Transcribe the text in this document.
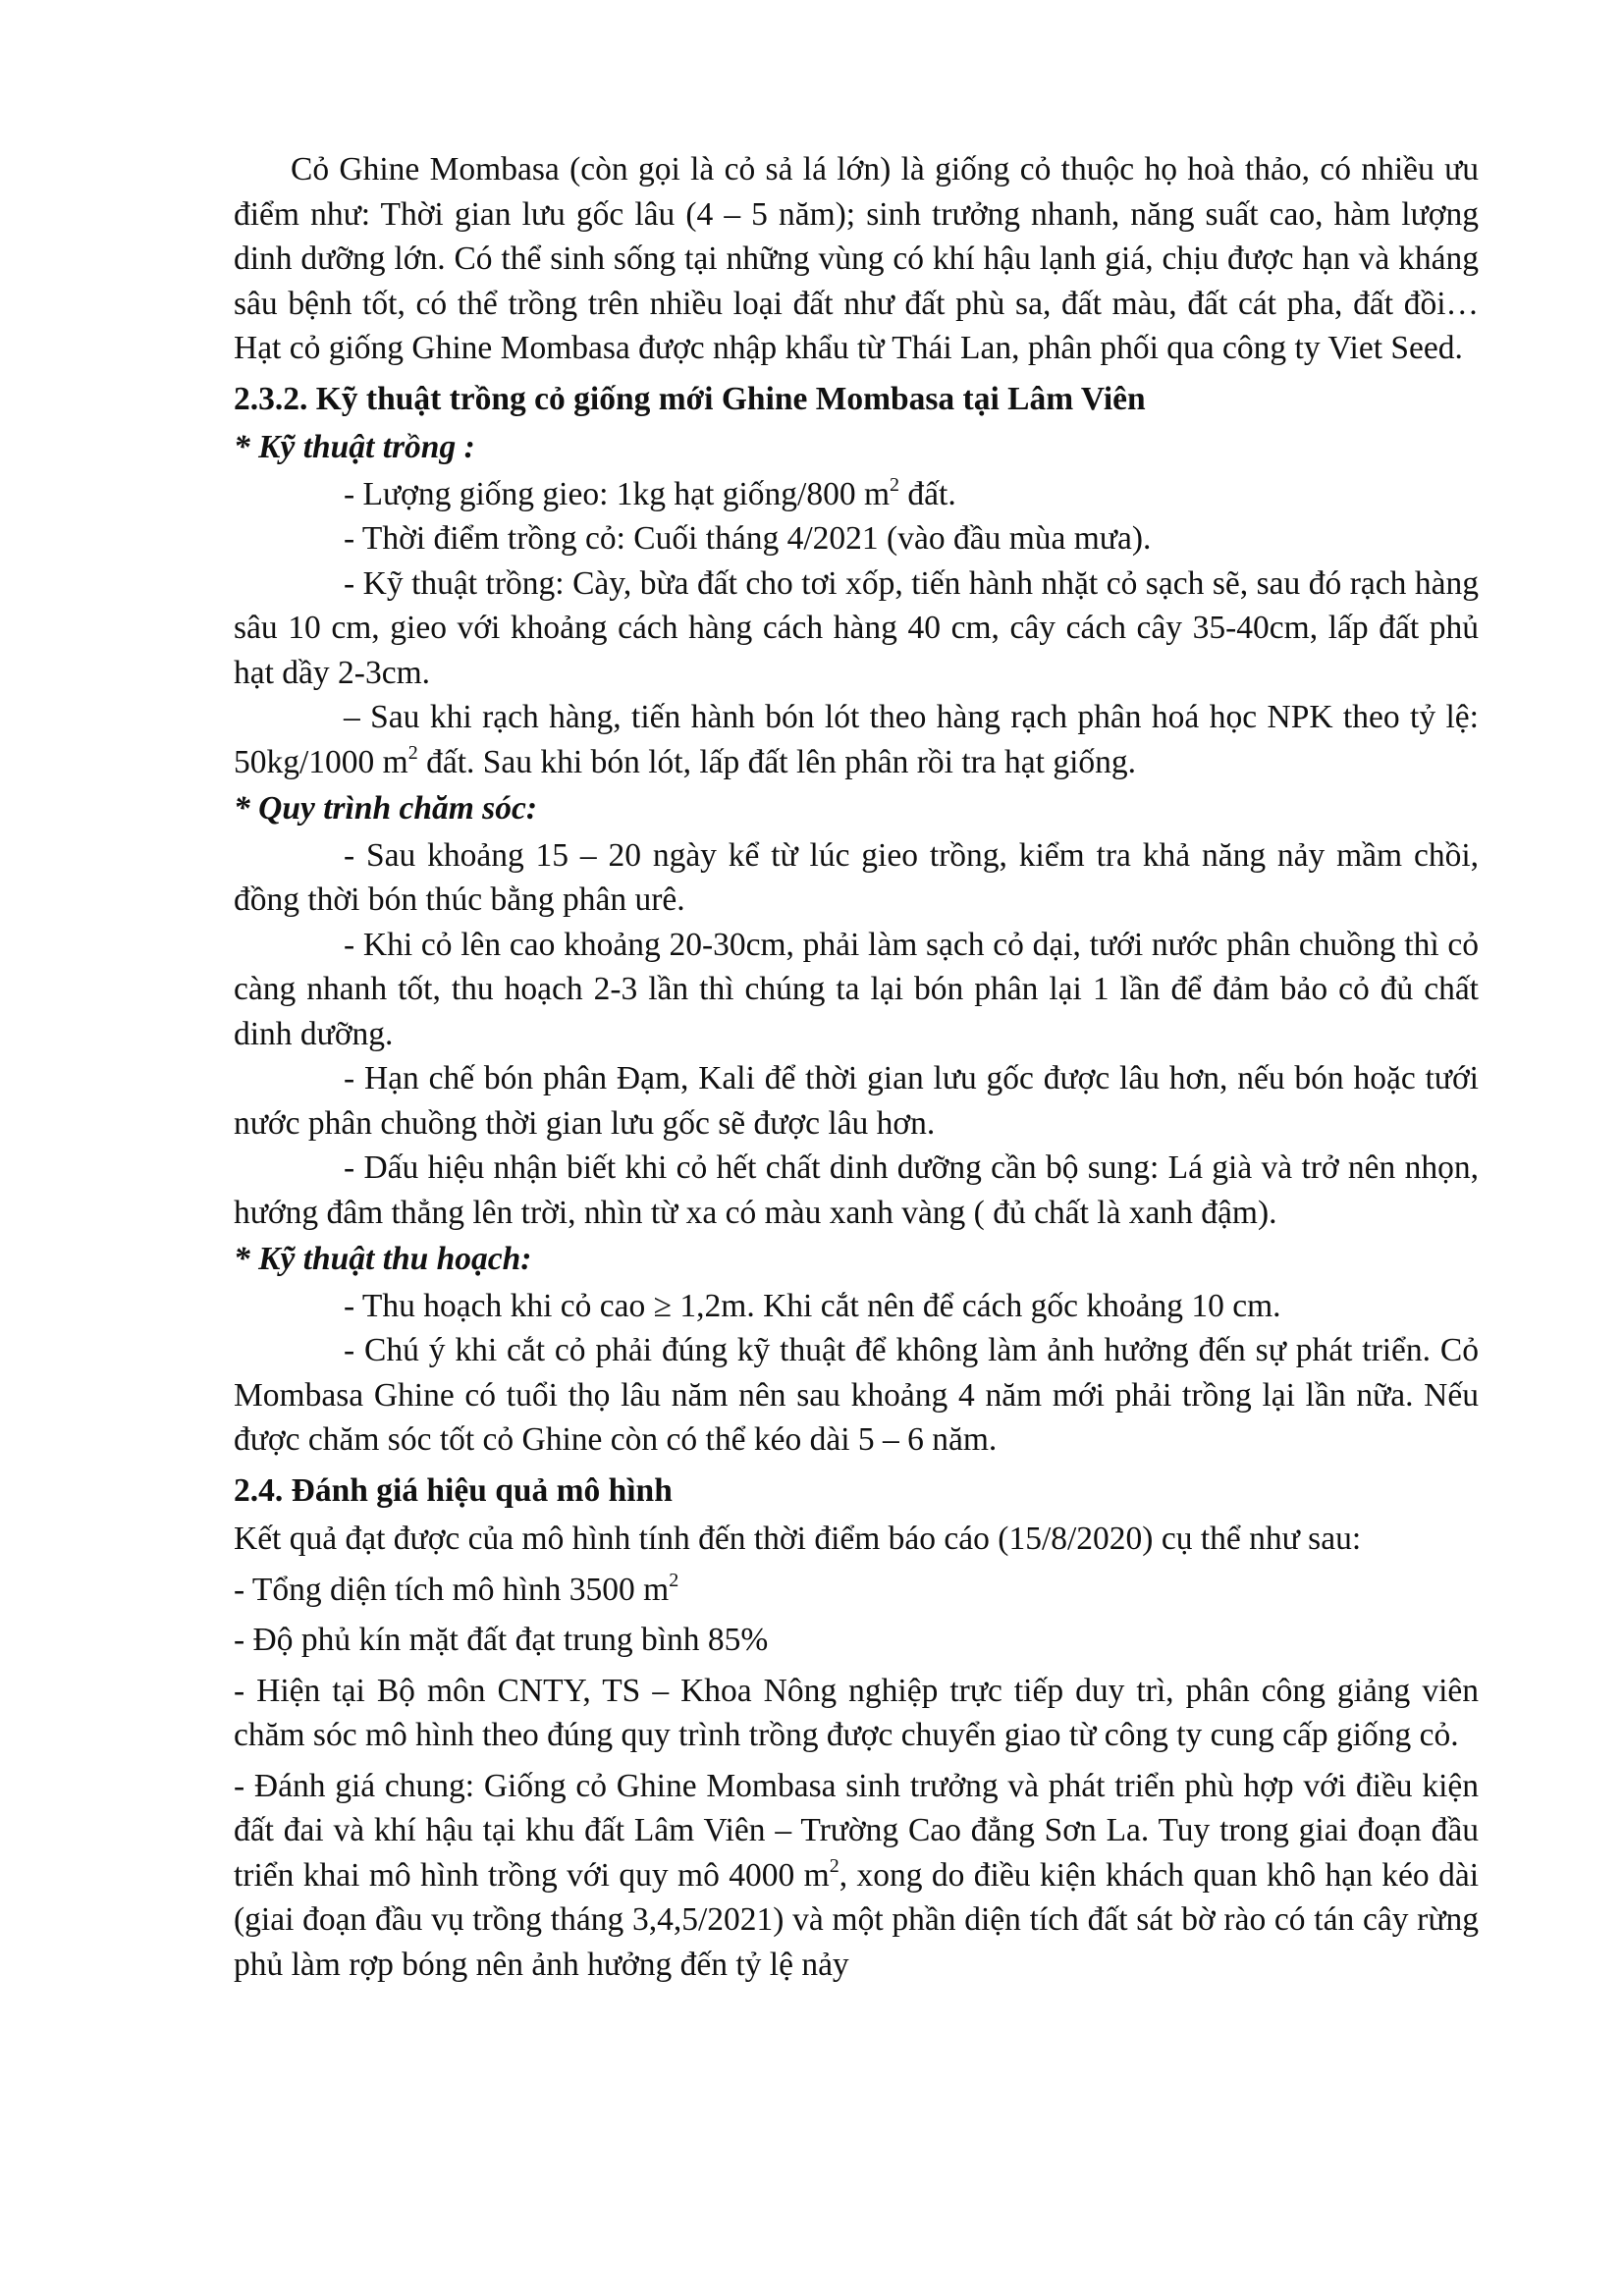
Cỏ Ghine Mombasa (còn gọi là cỏ sả lá lớn) là giống cỏ thuộc họ hoà thảo, có nhiều ưu điểm như: Thời gian lưu gốc lâu (4 – 5 năm); sinh trưởng nhanh, năng suất cao, hàm lượng dinh dưỡng lớn. Có thể sinh sống tại những vùng có khí hậu lạnh giá, chịu được hạn và kháng sâu bệnh tốt, có thể trồng trên nhiều loại đất như đất phù sa, đất màu, đất cát pha, đất đồi… Hạt cỏ giống Ghine Mombasa được nhập khẩu từ Thái Lan, phân phối qua công ty Viet Seed.

2.3.2. Kỹ thuật trồng cỏ giống mới Ghine Mombasa tại Lâm Viên

* Kỹ thuật trồng :

- Lượng giống gieo: 1kg hạt giống/800 $m^2$ đất.

- Thời điểm trồng cỏ: Cuối tháng 4/2021 (vào đầu mùa mưa).

- Kỹ thuật trồng: Cày, bừa đất cho tơi xốp, tiến hành nhặt cỏ sạch sẽ, sau đó rạch hàng sâu 10 cm, gieo với khoảng cách hàng cách hàng 40 cm, cây cách cây 35-40cm, lấp đất phủ hạt dầy 2-3cm.

– Sau khi rạch hàng, tiến hành bón lót theo hàng rạch phân hoá học NPK theo tỷ lệ: 50kg/1000 $m^2$ đất. Sau khi bón lót, lấp đất lên phân rồi tra hạt giống.

* Quy trình chăm sóc:

- Sau khoảng 15 – 20 ngày kể từ lúc gieo trồng, kiểm tra khả năng nảy mầm chồi, đồng thời bón thúc bằng phân urê.

- Khi cỏ lên cao khoảng 20-30cm, phải làm sạch cỏ dại, tưới nước phân chuồng thì cỏ càng nhanh tốt, thu hoạch 2-3 lần thì chúng ta lại bón phân lại 1 lần để đảm bảo cỏ đủ chất dinh dưỡng.

- Hạn chế bón phân Đạm, Kali để thời gian lưu gốc được lâu hơn, nếu bón hoặc tưới nước phân chuồng thời gian lưu gốc sẽ được lâu hơn.

- Dấu hiệu nhận biết khi cỏ hết chất dinh dưỡng cần bộ sung: Lá già và trở nên nhọn, hướng đâm thẳng lên trời, nhìn từ xa có màu xanh vàng ( đủ chất là xanh đậm).

* Kỹ thuật thu hoạch:

- Thu hoạch khi cỏ cao ≥ 1,2m. Khi cắt nên để cách gốc khoảng 10 cm.

- Chú ý khi cắt cỏ phải đúng kỹ thuật để không làm ảnh hưởng đến sự phát triển. Cỏ Mombasa Ghine có tuổi thọ lâu năm nên sau khoảng 4 năm mới phải trồng lại lần nữa. Nếu được chăm sóc tốt cỏ Ghine còn có thể kéo dài 5 – 6 năm.

2.4. Đánh giá hiệu quả mô hình

Kết quả đạt được của mô hình tính đến thời điểm báo cáo (15/8/2020) cụ thể như sau:

- Tổng diện tích mô hình 3500 $m^2$

- Độ phủ kín mặt đất đạt trung bình 85%

- Hiện tại Bộ môn CNTY, TS – Khoa Nông nghiệp trực tiếp duy trì, phân công giảng viên chăm sóc mô hình theo đúng quy trình trồng được chuyển giao từ công ty cung cấp giống cỏ.

- Đánh giá chung: Giống cỏ Ghine Mombasa sinh trưởng và phát triển phù hợp với điều kiện đất đai và khí hậu tại khu đất Lâm Viên – Trường Cao đẳng Sơn La. Tuy trong giai đoạn đầu triển khai mô hình trồng với quy mô 4000 $m^2$, xong do điều kiện khách quan khô hạn kéo dài (giai đoạn đầu vụ trồng tháng 3,4,5/2021) và một phần diện tích đất sát bờ rào có tán cây rừng phủ làm rợp bóng nên ảnh hưởng đến tỷ lệ nảy
